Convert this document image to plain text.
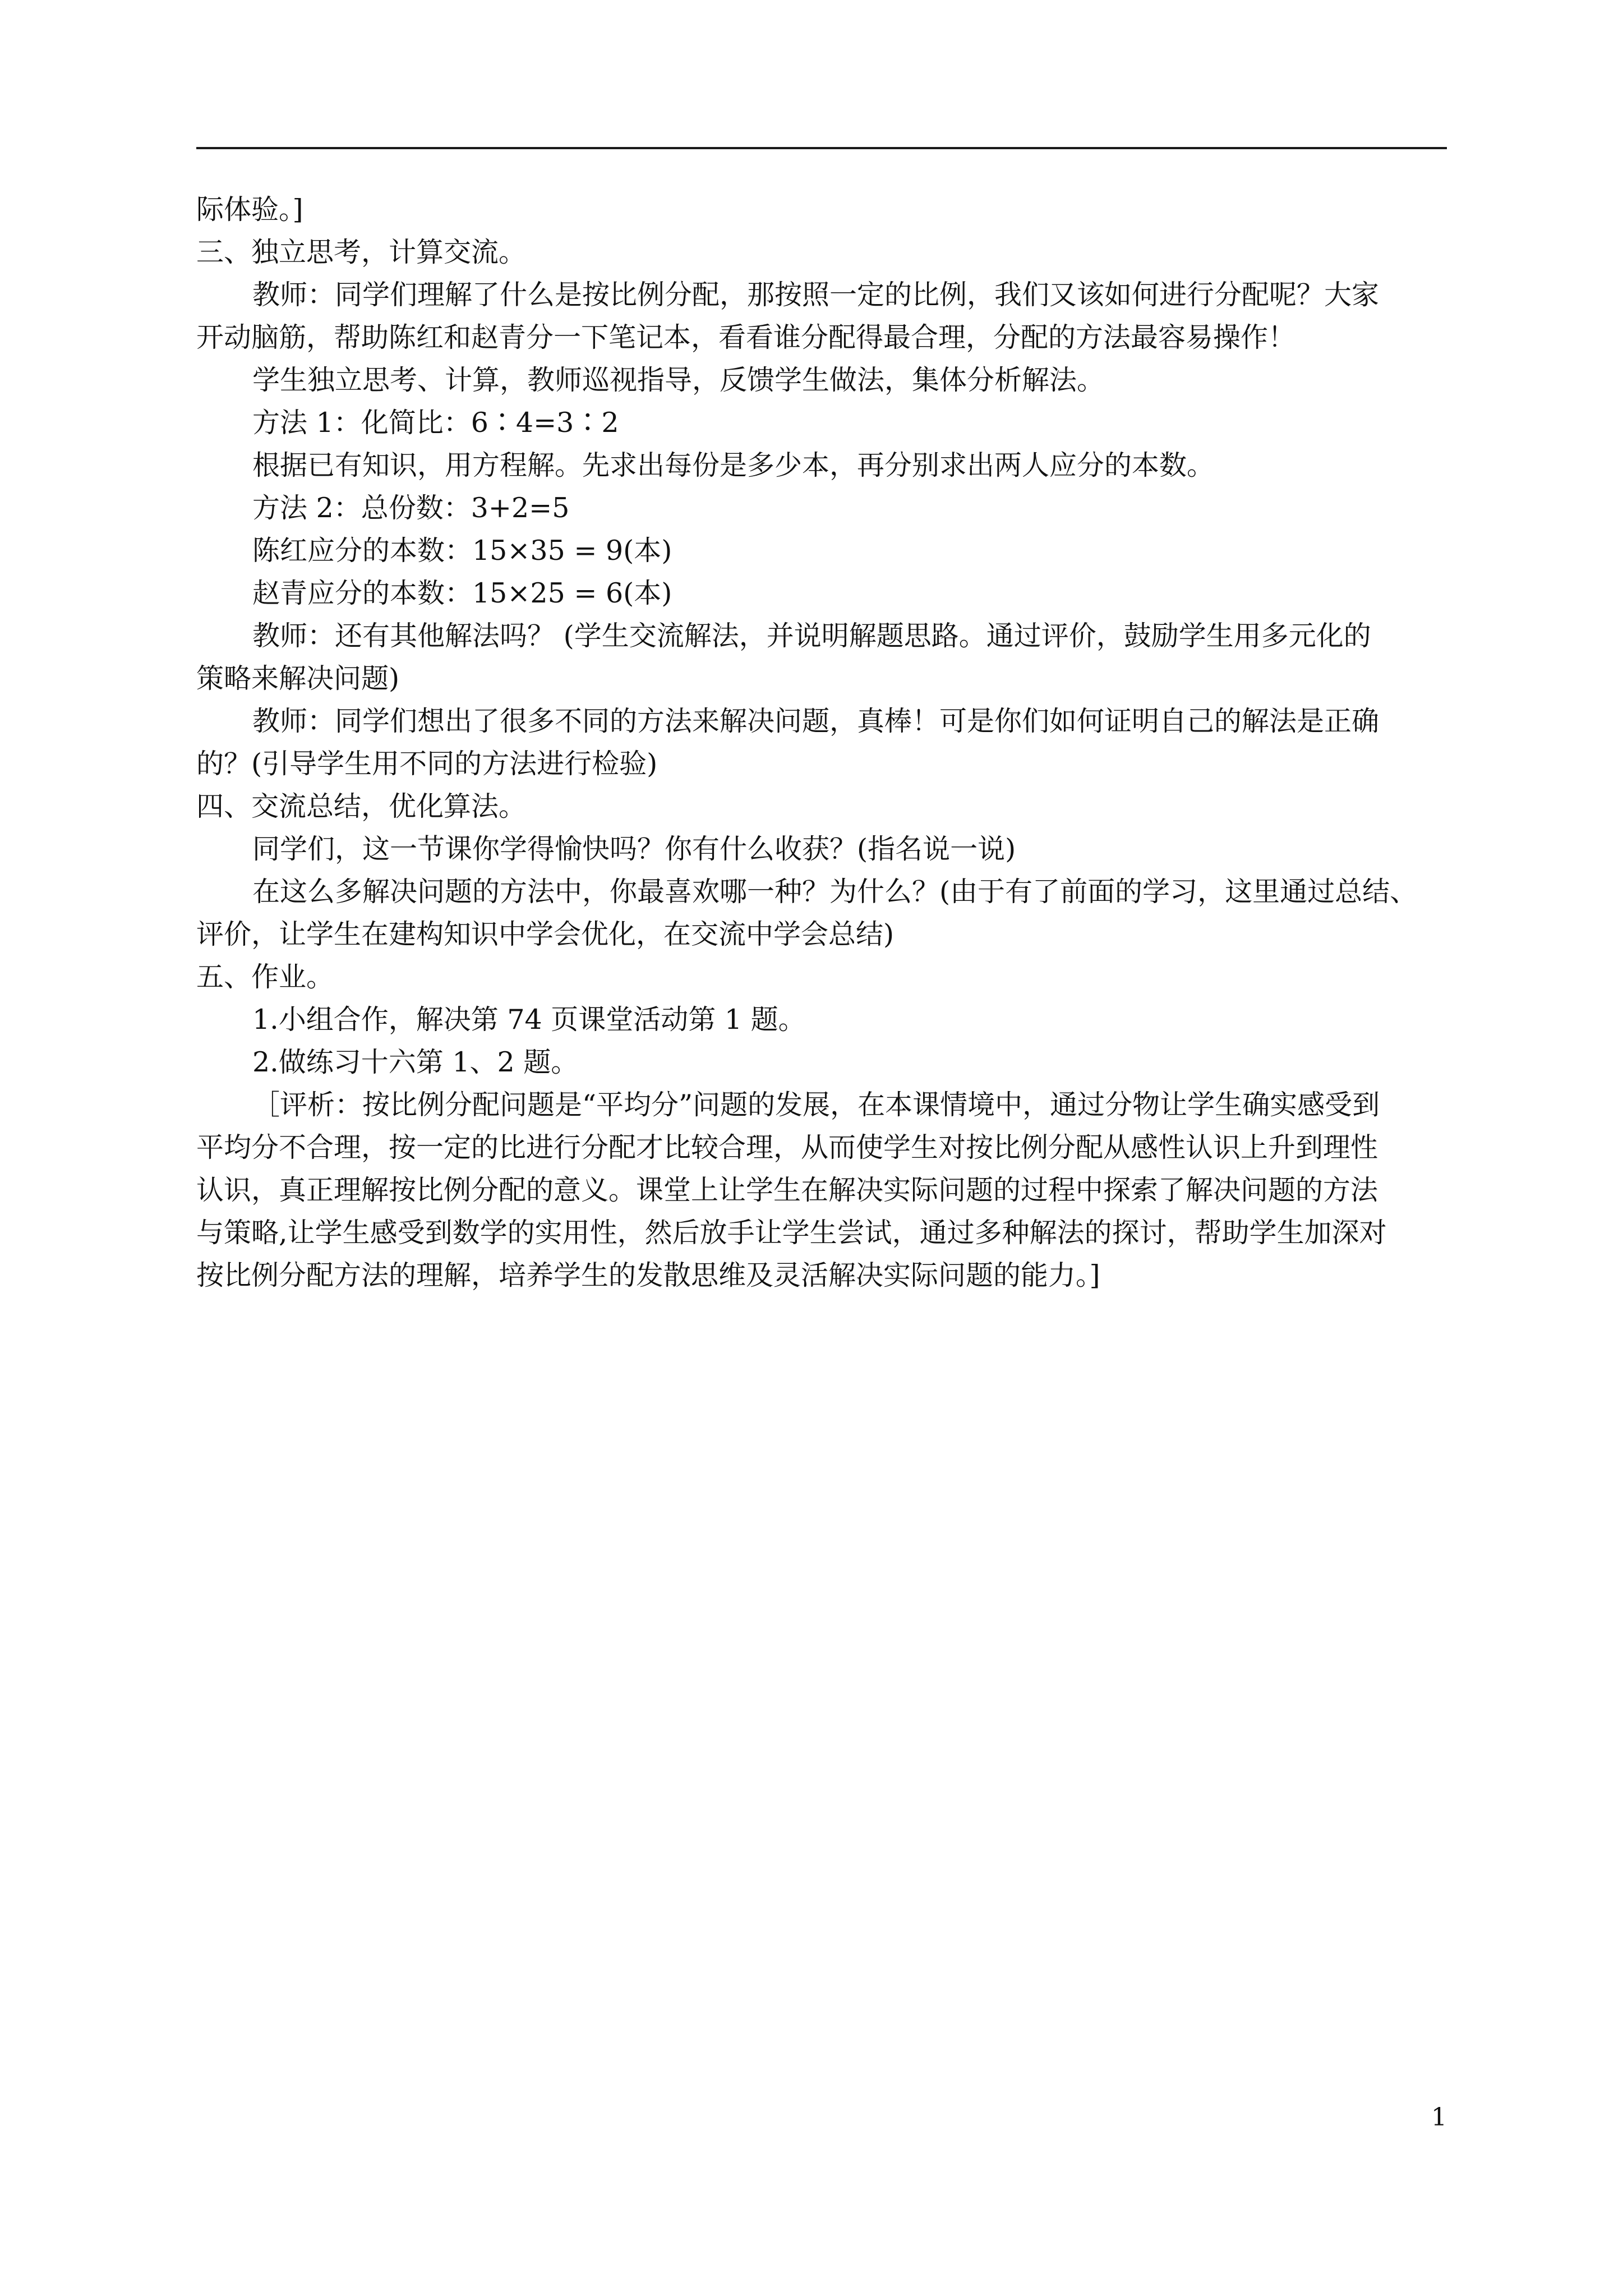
际体验。]
三、独立思考，计算交流。
教师：同学们理解了什么是按比例分配，那按照一定的比例，我们又该如何进行分配呢？大家
开动脑筋，帮助陈红和赵青分一下笔记本，看看谁分配得最合理，分配的方法最容易操作！
学生独立思考、计算，教师巡视指导，反馈学生做法，集体分析解法。
方法 1：化简比：6∶4=3∶2
根据已有知识，用方程解。先求出每份是多少本，再分别求出两人应分的本数。
方法 2：总份数：3+2=5
陈红应分的本数：15×35 = 9(本)
赵青应分的本数：15×25 = 6(本)
教师：还有其他解法吗？ (学生交流解法，并说明解题思路。通过评价，鼓励学生用多元化的
策略来解决问题)
教师：同学们想出了很多不同的方法来解决问题，真棒！可是你们如何证明自己的解法是正确
的？(引导学生用不同的方法进行检验)
四、交流总结，优化算法。
同学们，这一节课你学得愉快吗？你有什么收获？(指名说一说)
在这么多解决问题的方法中，你最喜欢哪一种？为什么？(由于有了前面的学习，这里通过总结、
评价，让学生在建构知识中学会优化，在交流中学会总结)
五、作业。
1.小组合作，解决第 74 页课堂活动第 1 题。
2.做练习十六第 1、2 题。
［评析：按比例分配问题是“平均分”问题的发展，在本课情境中，通过分物让学生确实感受到
平均分不合理，按一定的比进行分配才比较合理，从而使学生对按比例分配从感性认识上升到理性
认识，真正理解按比例分配的意义。课堂上让学生在解决实际问题的过程中探索了解决问题的方法
与策略,让学生感受到数学的实用性，然后放手让学生尝试，通过多种解法的探讨，帮助学生加深对
按比例分配方法的理解，培养学生的发散思维及灵活解决实际问题的能力。]
1
